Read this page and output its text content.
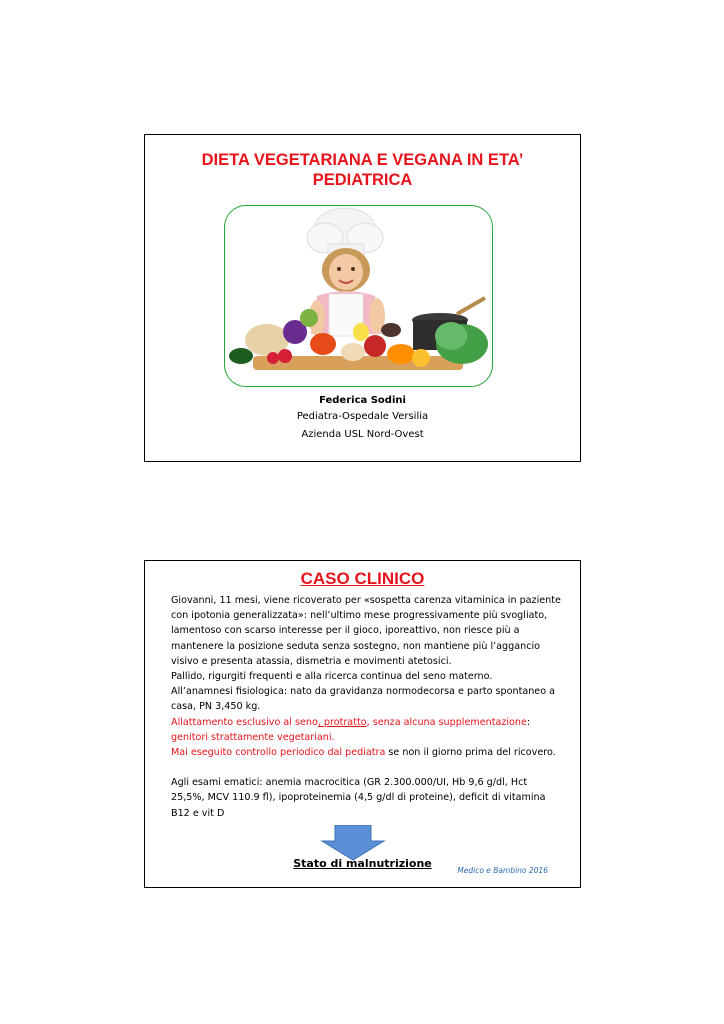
DIETA VEGETARIANA E VEGANA IN ETA’
PEDIATRICA
Federica Sodini
Pediatra-Ospedale Versilia
Azienda USL Nord-Ovest
CASO CLINICO

Giovanni, 11 mesi, viene ricoverato per «sospetta carenza vitaminica in paziente con ipotonia generalizzata»: nell’ultimo mese progressivamente più svogliato, lamentoso con scarso interesse per il gioco, iporeattivo, non riesce più a mantenere la posizione seduta senza sostegno, non mantiene più l’aggancio visivo e presenta atassia, dismetria e movimenti atetosici.

Pallido, rigurgiti frequenti e alla ricerca continua del seno materno.

All’anamnesi fisiologica: nato da gravidanza normodecorsa e parto spontaneo a casa, PN 3,450 kg.

Allattamento esclusivo al seno, protratto, senza alcuna supplementazione: genitori strattamente vegetariani.

Mai eseguito controllo periodico dal pediatra se non il giorno prima del ricovero.

Agli esami ematici: anemia macrocitica (GR 2.300.000/UI, Hb 9,6 g/dl, Hct 25,5%, MCV 110.9 fl), ipoproteinemia (4,5 g/dl di proteine), deficit di vitamina B12 e vit D

Stato di malnutrizione
Medico e Bambino 2016
